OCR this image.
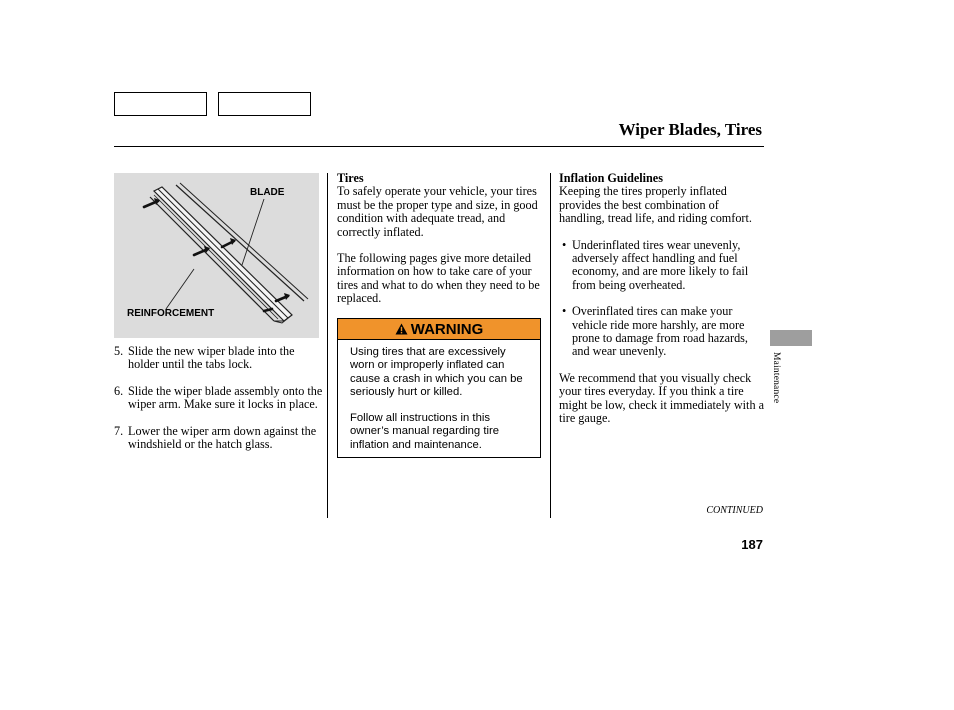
Wiper Blades, Tires
BLADE
REINFORCEMENT
5. Slide the new wiper blade into the holder until the tabs lock.
6. Slide the wiper blade assembly onto the wiper arm. Make sure it locks in place.
7. Lower the wiper arm down against the windshield or the hatch glass.

Tires

To safely operate your vehicle, your tires must be the proper type and size, in good condition with adequate tread, and correctly inflated.

The following pages give more detailed information on how to take care of your tires and what to do when they need to be replaced.

WARNING

Using tires that are excessively worn or improperly inflated can cause a crash in which you can be seriously hurt or killed.

Follow all instructions in this owner’s manual regarding tire inflation and maintenance.

Inflation Guidelines

Keeping the tires properly inflated provides the best combination of handling, tread life, and riding comfort.

• Underinflated tires wear unevenly, adversely affect handling and fuel economy, and are more likely to fail from being overheated.
• Overinflated tires can make your vehicle ride more harshly, are more prone to damage from road hazards, and wear unevenly.

We recommend that you visually check your tires everyday. If you think a tire might be low, check it immediately with a tire gauge.

Maintenance
CONTINUED
187
